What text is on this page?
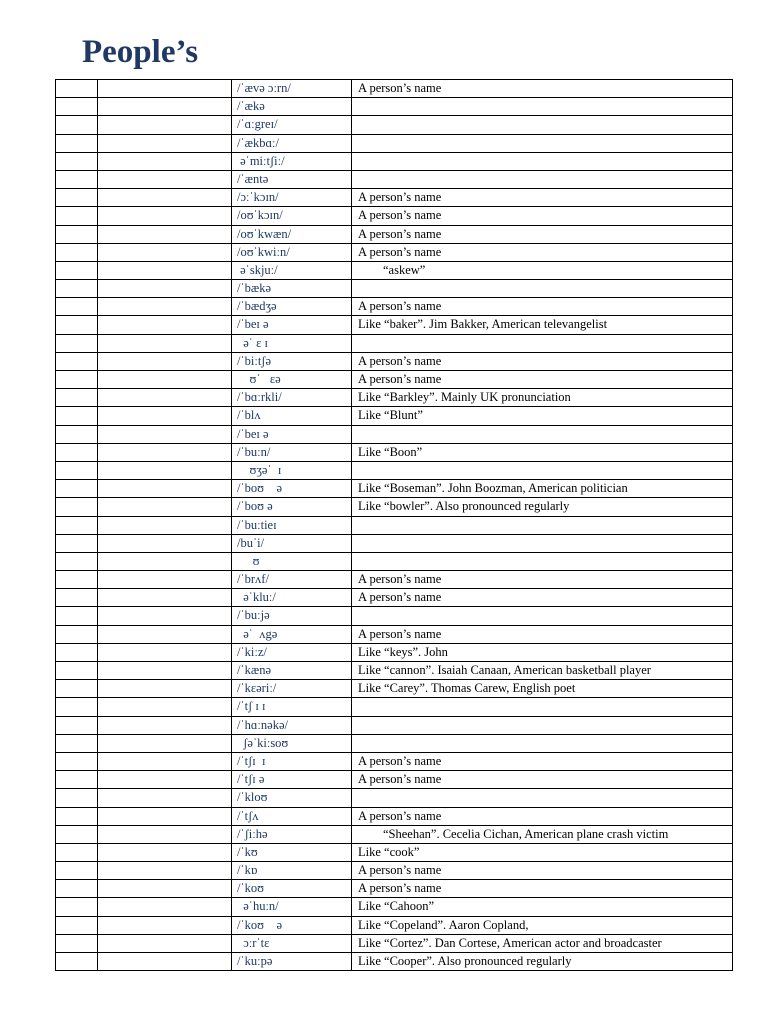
People’s
		/ˈævə ɔːrn/	A person’s name
		/ˈækə	
		/ˈɑːgreɪ/	
		/ˈækbɑː/	
		əˈmiːtʃiː/	
		/ˈæntə	
		/ɔːˈkɔɪn/	A person’s name
		/oʊˈkɔɪn/	A person’s name
		/oʊˈkwæn/	A person’s name
		/oʊˈkwiːn/	A person’s name
		əˈskjuː/	“askew”
		/ˈbækə	
		/ˈbædʒə	A person’s name
		/ˈbeɪ ə	Like “baker”. Jim Bakker, American televangelist
		əˈ ɛ ɪ	
		/ˈbiːtʃə	A person’s name
		ʊˈ   ɛə	A person’s name
		/ˈbɑːrkli/	Like “Barkley”. Mainly UK pronunciation
		/ˈblʌ	Like “Blunt”
		/ˈbeɪ ə	
		/ˈbuːn/	Like “Boon”
		ʊʒəˈ  ɪ	
		/ˈboʊ    ə	Like “Boseman”. John Boozman, American politician
		/ˈboʊ ə	Like “bowler”. Also pronounced regularly
		/ˈbuːtieɪ	
		/buˈi/	
		ʊ	
		/ˈbrʌf/	A person’s name
		əˈkluː/	A person’s name
		/ˈbuːjə	
		əˈ  ʌgə	A person’s name
		/ˈkiːz/	Like “keys”. John
		/ˈkænə	Like “cannon”. Isaiah Canaan, American basketball player
		/ˈkɛəriː/	Like “Carey”. Thomas Carew, English poet
		/ˈtʃ ɪ ɪ	
		/ˈhɑːnəkə/	
		ʃəˈkiːsoʊ	
		/ˈtʃɪ  ɪ	A person’s name
		/ˈtʃɪ ə	A person’s name
		/ˈkloʊ	
		/ˈtʃʌ	A person’s name
		/ˈʃiːhə	“Sheehan”. Cecelia Cichan, American plane crash victim
		/ˈkʊ	Like “cook”
		/ˈkɒ	A person’s name
		/ˈkoʊ	A person’s name
		əˈhuːn/	Like “Cahoon”
		/ˈkoʊ    ə	Like “Copeland”. Aaron Copland,
		ɔːrˈtɛ	Like “Cortez”. Dan Cortese, American actor and broadcaster
		/ˈkuːpə	Like “Cooper”. Also pronounced regularly
